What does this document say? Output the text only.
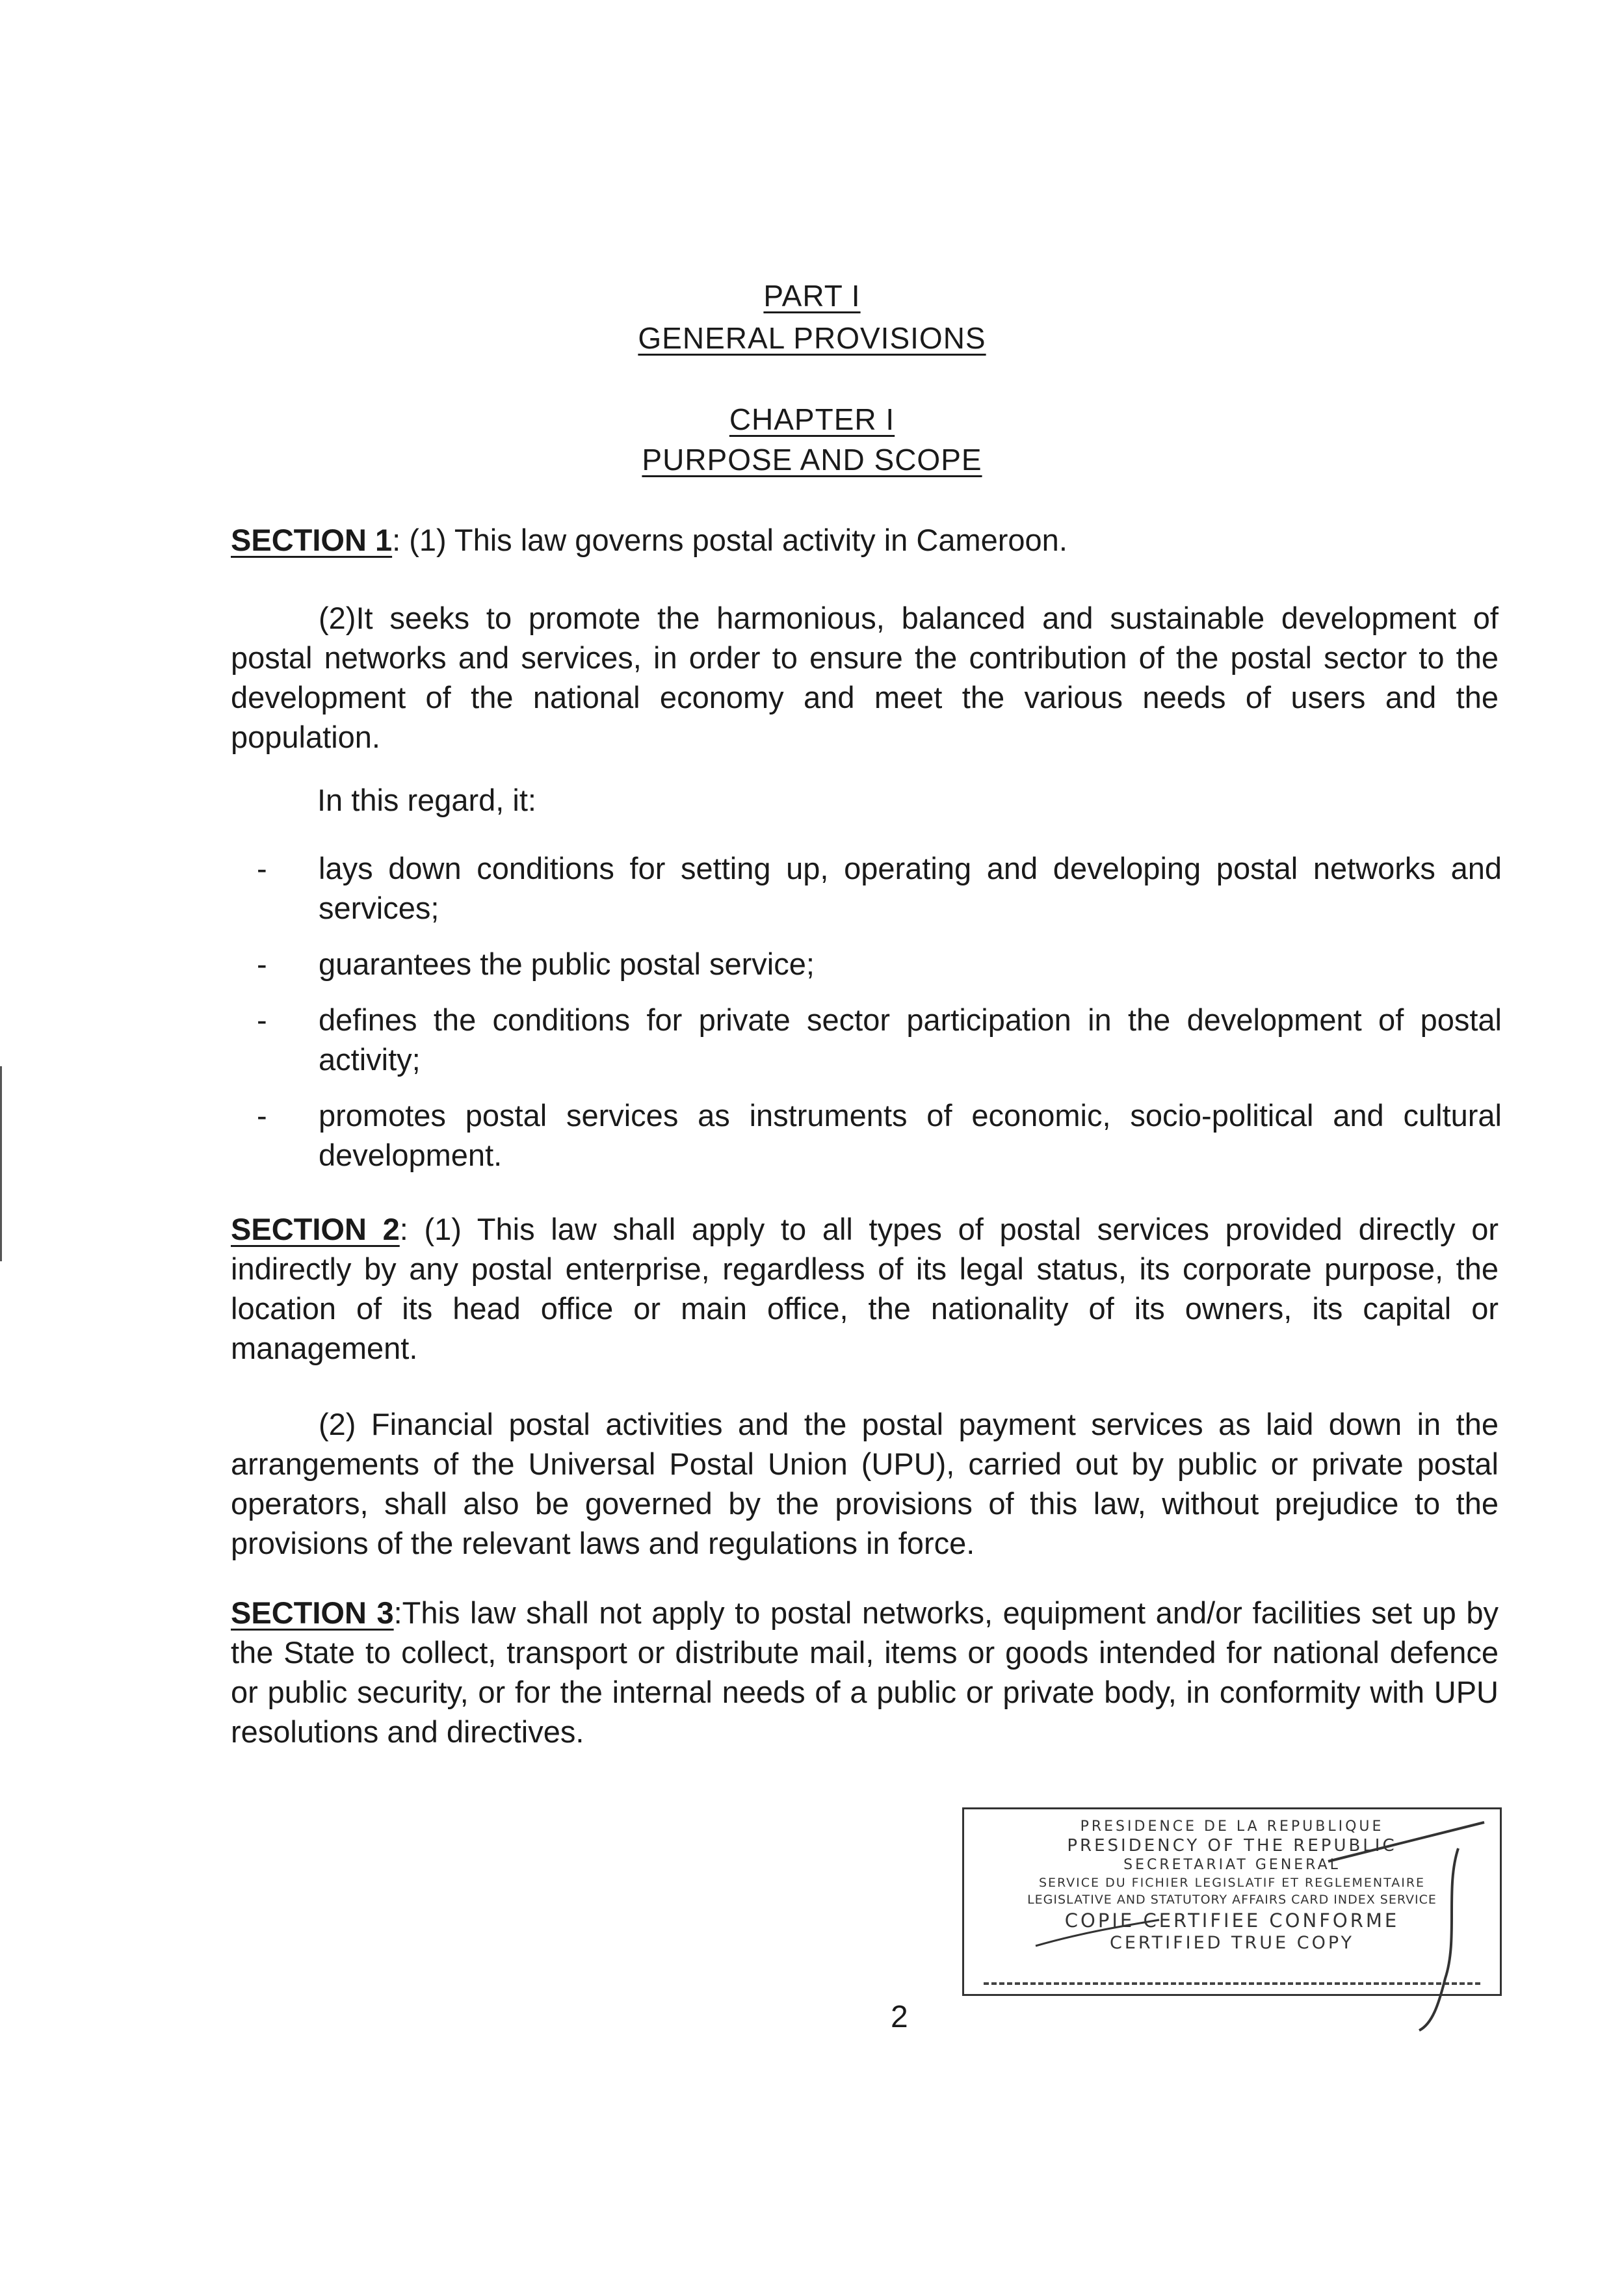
PART I
GENERAL PROVISIONS
CHAPTER I
PURPOSE AND SCOPE
SECTION 1: (1) This law governs postal activity in Cameroon.
(2)It seeks to promote the harmonious, balanced and sustainable development of postal networks and services, in order to ensure the contribution of the postal sector to the development of the national economy and meet the various needs of users and the population.
In this regard, it:
- lays down conditions for setting up, operating and developing postal networks and services;
- guarantees the public postal service;
- defines the conditions for private sector participation in the development of postal activity;
- promotes postal services as instruments of economic, socio-political and cultural development.
SECTION 2: (1) This law shall apply to all types of postal services provided directly or indirectly by any postal enterprise, regardless of its legal status, its corporate purpose, the location of its head office or main office, the nationality of its owners, its capital or management.
(2) Financial postal activities and the postal payment services as laid down in the arrangements of the Universal Postal Union (UPU), carried out by public or private postal operators, shall also be governed by the provisions of this law, without prejudice to the provisions of the relevant laws and regulations in force.
SECTION 3:This law shall not apply to postal networks, equipment and/or facilities set up by the State to collect, transport or distribute mail, items or goods intended for national defence or public security, or for the internal needs of a public or private body, in conformity with UPU resolutions and directives.
PRESIDENCE DE LA REPUBLIQUE
PRESIDENCY OF THE REPUBLIC
SECRETARIAT GENERAL
SERVICE DU FICHIER LEGISLATIF ET REGLEMENTAIRE
LEGISLATIVE AND STATUTORY AFFAIRS CARD INDEX SERVICE
COPIE CERTIFIEE CONFORME
CERTIFIED TRUE COPY
2
